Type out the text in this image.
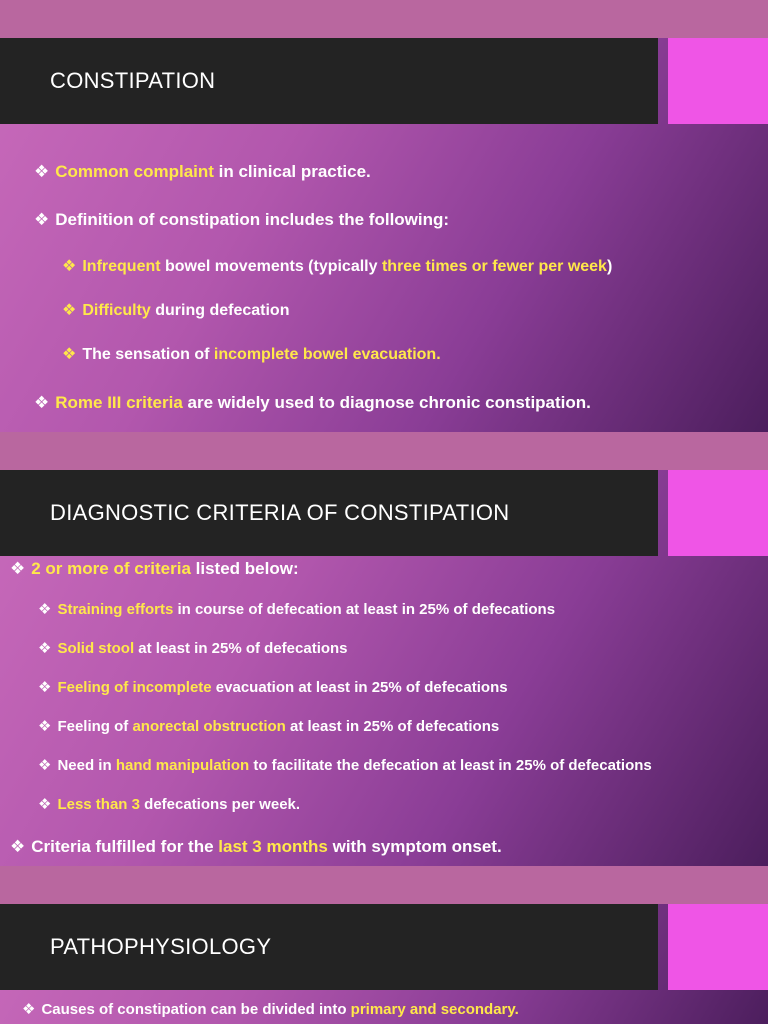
CONSTIPATION
❖ Common complaint in clinical practice.
❖ Definition of constipation includes the following:
❖ Infrequent bowel movements (typically three times or fewer per week)
❖ Difficulty during defecation
❖ The sensation of incomplete bowel evacuation.
❖ Rome III criteria are widely used to diagnose chronic constipation.
DIAGNOSTIC CRITERIA OF CONSTIPATION
❖ 2 or more of criteria listed below:
❖ Straining efforts in course of defecation at least in 25% of defecations
❖ Solid stool at least in 25% of defecations
❖ Feeling of incomplete evacuation at least in 25% of defecations
❖ Feeling of anorectal obstruction at least in 25% of defecations
❖ Need in hand manipulation to facilitate the defecation at least in 25% of defecations
❖ Less than 3 defecations per week.
❖ Criteria fulfilled for the last 3 months with symptom onset.
PATHOPHYSIOLOGY
❖ Causes of constipation can be divided into primary and secondary.
